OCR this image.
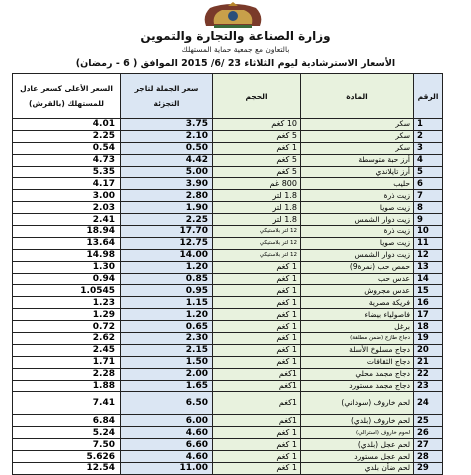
وزارة الصناعة والتجارة والتموين
بالتعاون مع جمعية حماية المستهلك
الأسعار الاسترشادية ليوم الثلاثاء 23 /6/ 2015 الموافق ( 6 - رمضان)
السعر الأعلى كسعر عادل للمستهلك (بالقرش)	سعر الجملة لتاجر التجزئة	الحجم	المادة	الرقم
4.01	3.75	10 كغم	سكر	1
2.25	2.10	5 كغم	سكر	2
0.54	0.50	1 كغم	سكر	3
4.73	4.42	5 كغم	أرز حبة متوسطة	4
5.35	5.00	5 كغم	أرز تايلاندي	5
4.17	3.90	800 غم	حليب	6
3.00	2.80	1.8 لتر	زيت ذرة	7
2.03	1.90	1.8 لتر	زيت صويا	8
2.41	2.25	1.8 لتر	زيت دوار الشمس	9
18.94	17.70	12 لتر بلاستيكي	زيت ذرة	10
13.64	12.75	12 لتر بلاستيكي	زيت صويا	11
14.98	14.00	12 لتر بلاستيكي	زيت دوار الشمس	12
1.30	1.20	1 كغم	حمص حب (نمرة9)	13
0.94	0.85	1 كغم	عدس حب	14
1.0545	0.95	1 كغم	عدس مجروش	15
1.23	1.15	1 كغم	فريكة مصرية	16
1.29	1.20	1 كغم	فاصولياء بيضاء	17
0.72	0.65	1 كغم	برغل	18
2.62	2.30	1 كغم	دجاج طازج (ضمن مطلقة)	19
2.45	2.15	1 كغم	دجاج مسلوخ الأسلة	20
1.71	1.50	1 كغم	دجاج الثقافات	21
2.28	2.00	1كغم	دجاج مجمد محلي	22
1.88	1.65	1كغم	دجاج مجمد مستورد	23
7.41	6.50	1كغم	لحم خاروف (سوداني)	24
6.84	6.00	1كغم	لحم خاروف (بلدي)	25
5.24	4.60	1 كغم	لحوم خاروف (استرالي)	26
7.50	6.60	1 كغم	لحم عجل (بلدي)	27
5.626	4.60	1 كغم	لحم عجل مستورد	28
12.54	11.00	1 كغم	لحم ضأن بلدي	29
